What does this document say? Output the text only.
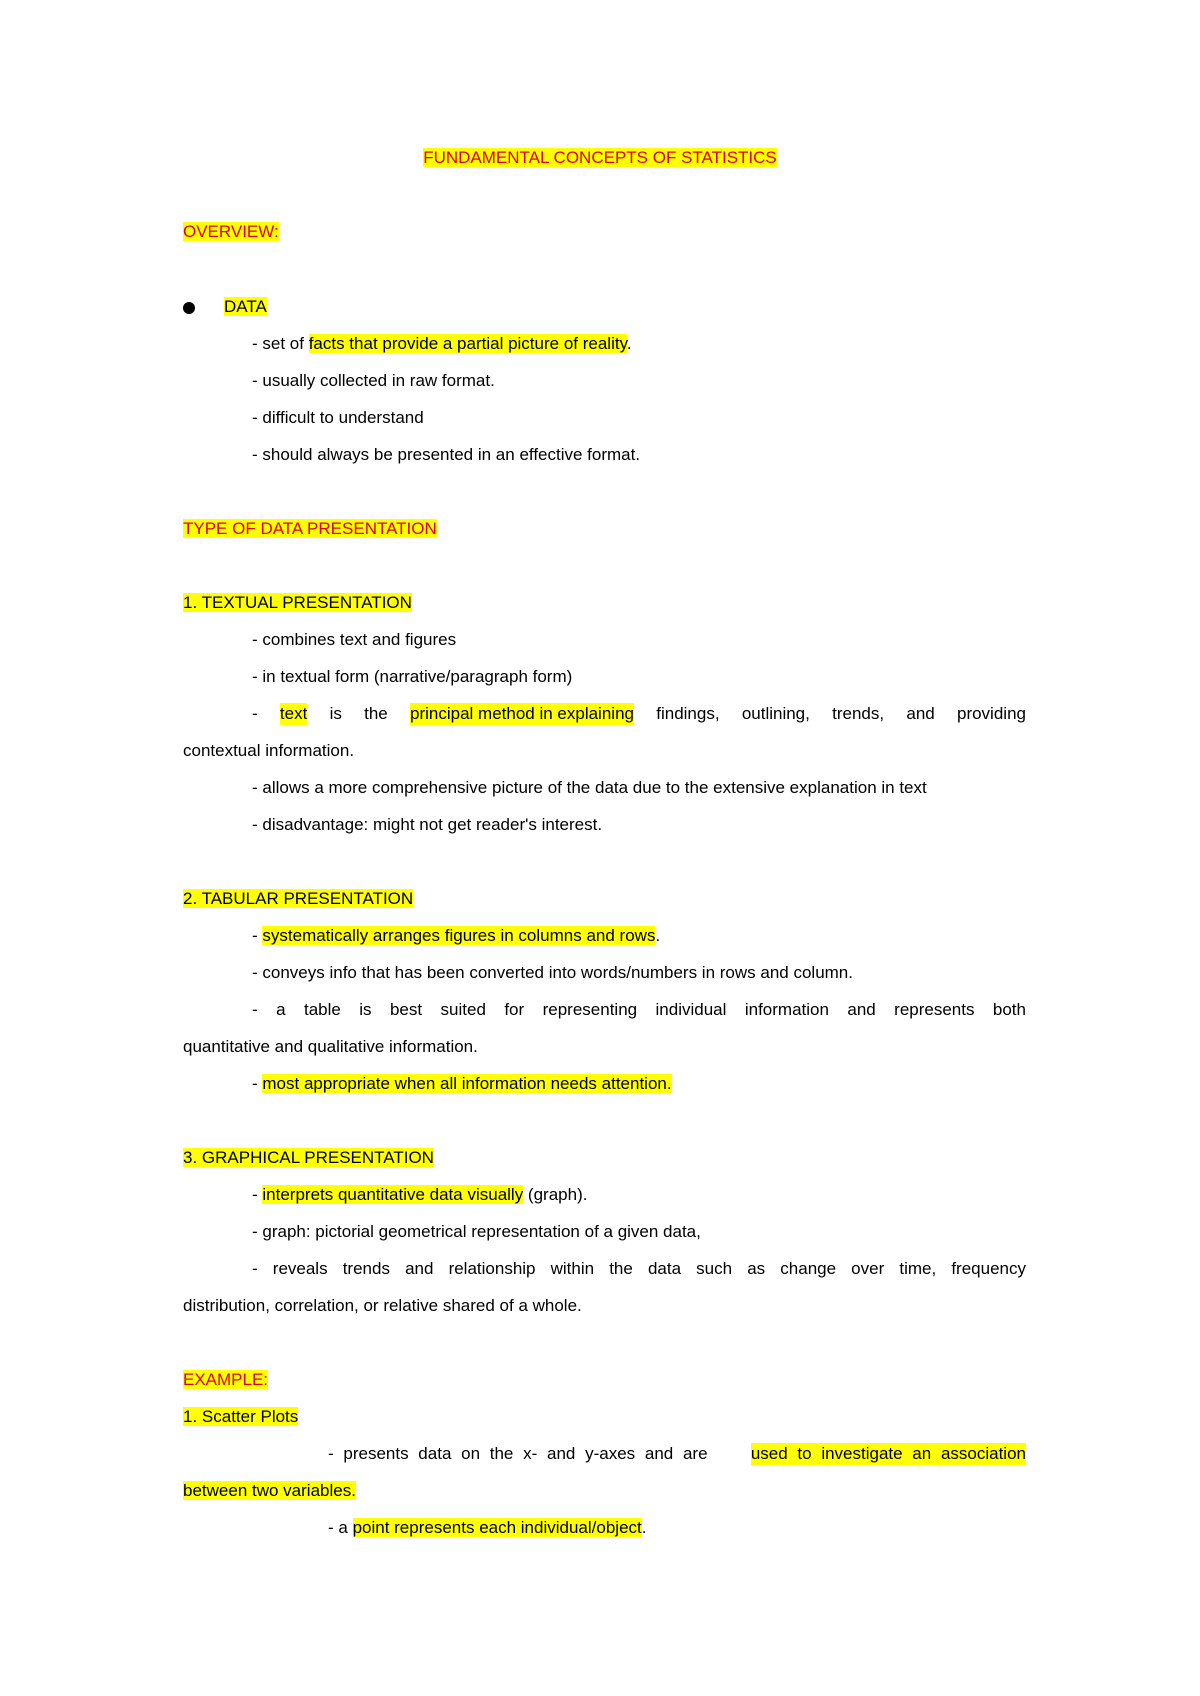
FUNDAMENTAL CONCEPTS OF STATISTICS
OVERVIEW:
DATA
- set of facts that provide a partial picture of reality.
- usually collected in raw format.
- difficult to understand
- should always be presented in an effective format.
TYPE OF DATA PRESENTATION
1. TEXTUAL PRESENTATION
- combines text and figures
- in textual form (narrative/paragraph form)
- text is the principal method in explaining findings, outlining, trends, and providing
contextual information.
- allows a more comprehensive picture of the data due to the extensive explanation in text
- disadvantage: might not get reader's interest.
2. TABULAR PRESENTATION
- systematically arranges figures in columns and rows.
- conveys info that has been converted into words/numbers in rows and column.
- a table is best suited for representing individual information and represents both
quantitative and qualitative information.
- most appropriate when all information needs attention.
3. GRAPHICAL PRESENTATION
- interprets quantitative data visually (graph).
- graph: pictorial geometrical representation of a given data,
- reveals trends and relationship within the data such as change over time, frequency
distribution, correlation, or relative shared of a whole.
EXAMPLE:
1. Scatter Plots
- presents data on the x- and y-axes and are	used to investigate an association
between two variables.
- a point represents each individual/object.
